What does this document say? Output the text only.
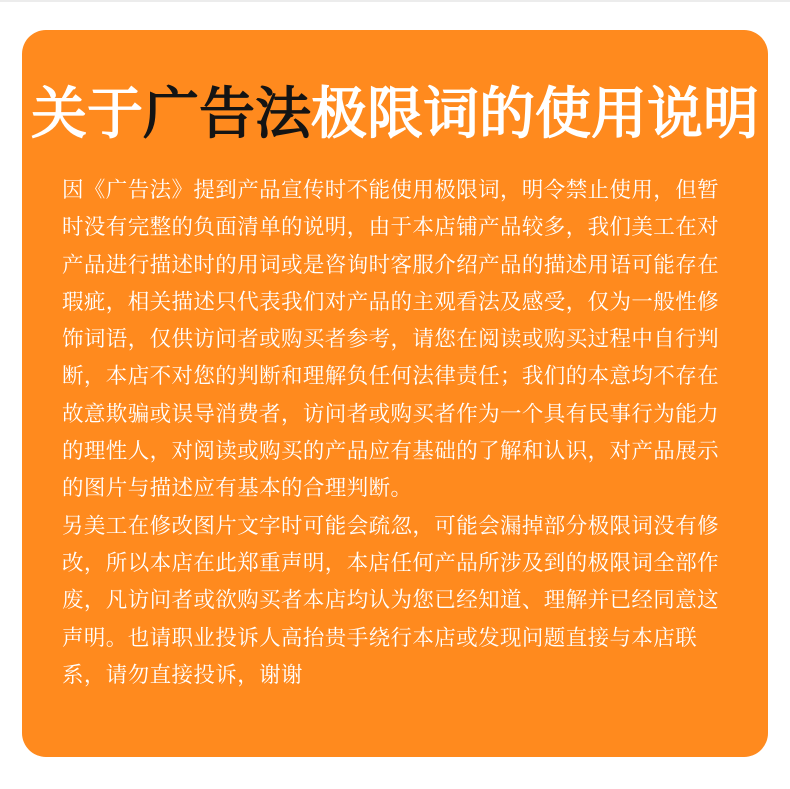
关于广告法极限词的使用说明

因《广告法》提到产品宣传时不能使用极限词，明令禁止使用，但暂时没有完整的负面清单的说明，由于本店铺产品较多，我们美工在对产品进行描述时的用词或是咨询时客服介绍产品的描述用语可能存在瑕疵，相关描述只代表我们对产品的主观看法及感受，仅为一般性修饰词语，仅供访问者或购买者参考，请您在阅读或购买过程中自行判断，本店不对您的判断和理解负任何法律责任；我们的本意均不存在故意欺骗或误导消费者，访问者或购买者作为一个具有民事行为能力的理性人，对阅读或购买的产品应有基础的了解和认识，对产品展示的图片与描述应有基本的合理判断。

另美工在修改图片文字时可能会疏忽，可能会漏掉部分极限词没有修改，所以本店在此郑重声明，本店任何产品所涉及到的极限词全部作废，凡访问者或欲购买者本店均认为您已经知道、理解并已经同意这声明。也请职业投诉人高抬贵手绕行本店或发现问题直接与本店联系，请勿直接投诉，谢谢
